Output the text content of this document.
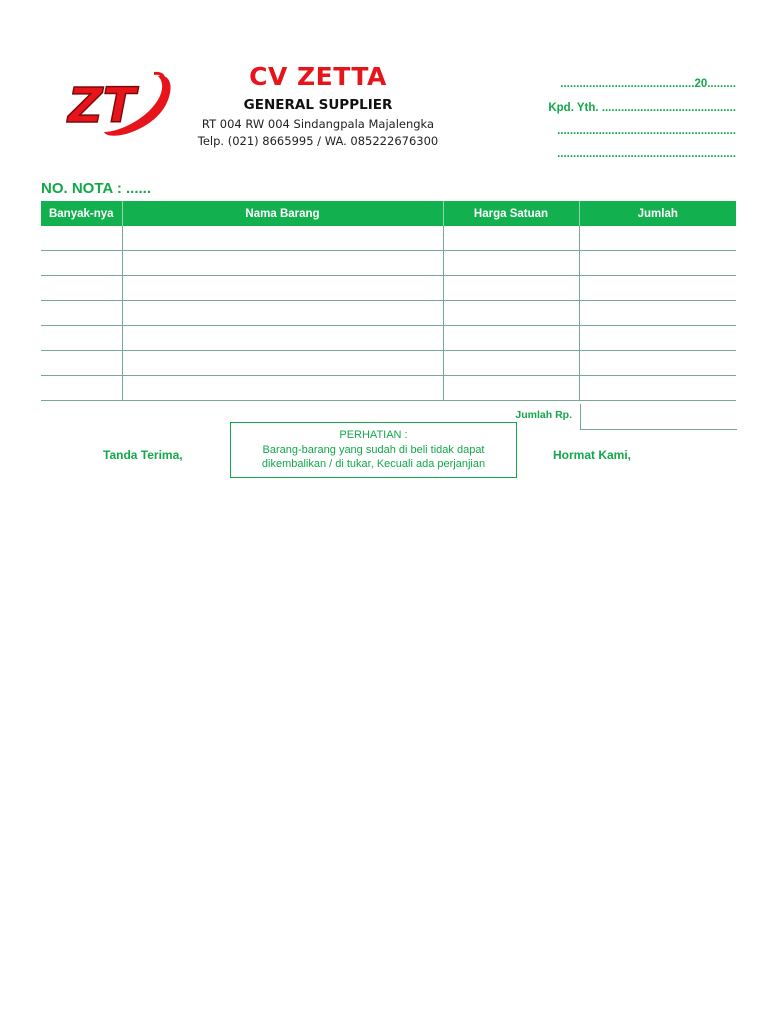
ZT
CV ZETTA
GENERAL SUPPLIER
RT 004 RW 004 Sindangpala Majalengka
Telp. (021) 8665995 / WA. 085222676300
..........................................20.........
Kpd. Yth. ..........................................
........................................................
........................................................
NO. NOTA : ......
Banyak-nya	Nama Barang	Harga Satuan	Jumlah

Jumlah Rp.
Tanda Terima,	Hormat Kami,
PERHATIAN :
Barang-barang yang sudah di beli tidak dapat
dikembalikan / di tukar, Kecuali ada perjanjian
